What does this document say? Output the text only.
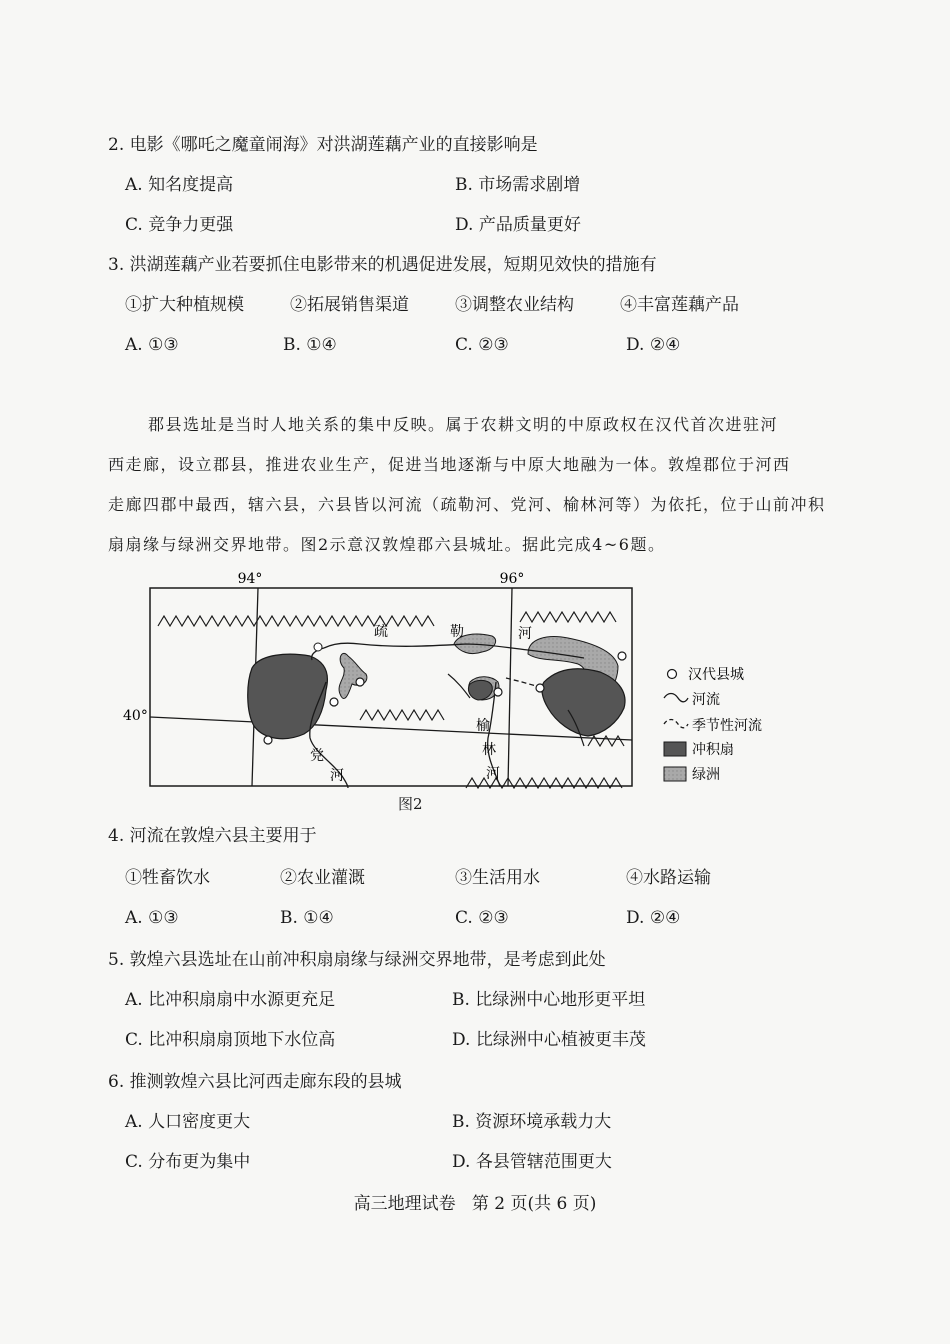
2. 电影《哪吒之魔童闹海》对洪湖莲藕产业的直接影响是
A. 知名度提高	B. 市场需求剧增
C. 竞争力更强	D. 产品质量更好
3. 洪湖莲藕产业若要抓住电影带来的机遇促进发展，短期见效快的措施有
①扩大种植规模	②拓展销售渠道	③调整农业结构	④丰富莲藕产品
A. ①③	B. ①④	C. ②③	D. ②④
郡县选址是当时人地关系的集中反映。属于农耕文明的中原政权在汉代首次进驻河
西走廊，设立郡县，推进农业生产，促进当地逐渐与中原大地融为一体。敦煌郡位于河西
走廊四郡中最西，辖六县，六县皆以河流（疏勒河、党河、榆林河等）为依托，位于山前冲积
扇扇缘与绿洲交界地带。图2示意汉敦煌郡六县城址。据此完成4~6题。
94°	96°
40°
疏	勒	河
党
河
榆
林
河
汉代县城
河流
季节性河流
冲积扇
绿洲
图2
4. 河流在敦煌六县主要用于
①牲畜饮水	②农业灌溉	③生活用水	④水路运输
A. ①③	B. ①④	C. ②③	D. ②④
5. 敦煌六县选址在山前冲积扇扇缘与绿洲交界地带，是考虑到此处
A. 比冲积扇扇中水源更充足	B. 比绿洲中心地形更平坦
C. 比冲积扇扇顶地下水位高	D. 比绿洲中心植被更丰茂
6. 推测敦煌六县比河西走廊东段的县城
A. 人口密度更大	B. 资源环境承载力大
C. 分布更为集中	D. 各县管辖范围更大
高三地理试卷   第 2 页(共 6 页)
